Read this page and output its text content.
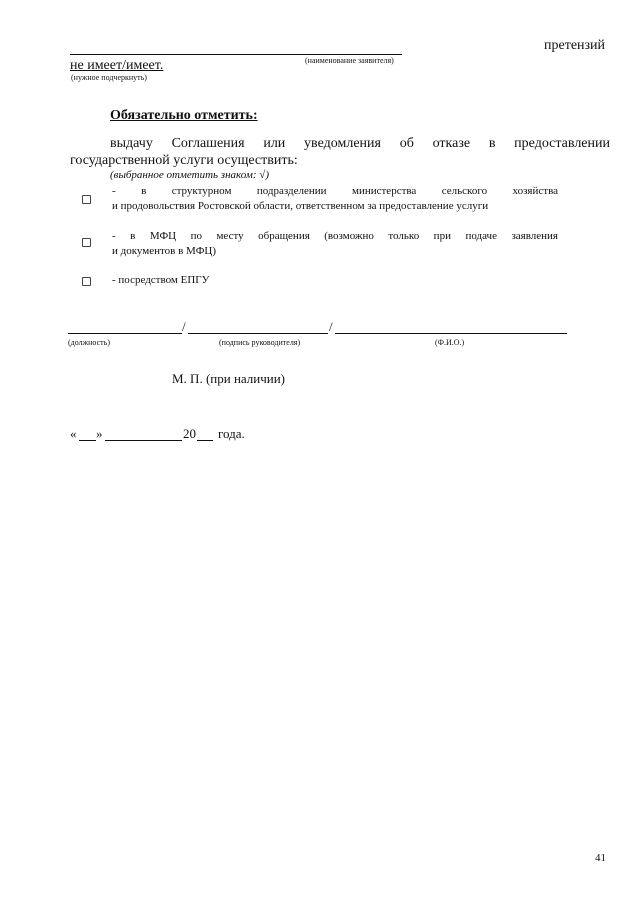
претензий
(наименование заявителя)
не имеет/имеет.
(нужное подчеркнуть)
Обязательно отметить:
выдачу Соглашения или уведомления об отказе в предоставлении
государственной услуги осуществить:
(выбранное отметить знаком: √)
- в структурном подразделении министерства сельского хозяйства
и продовольствия Ростовской области, ответственном за предоставление услуги
- в МФЦ по месту обращения (возможно только при подаче заявления
и документов в МФЦ)
- посредством ЕПГУ
/	/
(должность)	(подпись руководителя)	(Ф.И.О.)
М. П. (при наличии)
« »	20 года.
41
